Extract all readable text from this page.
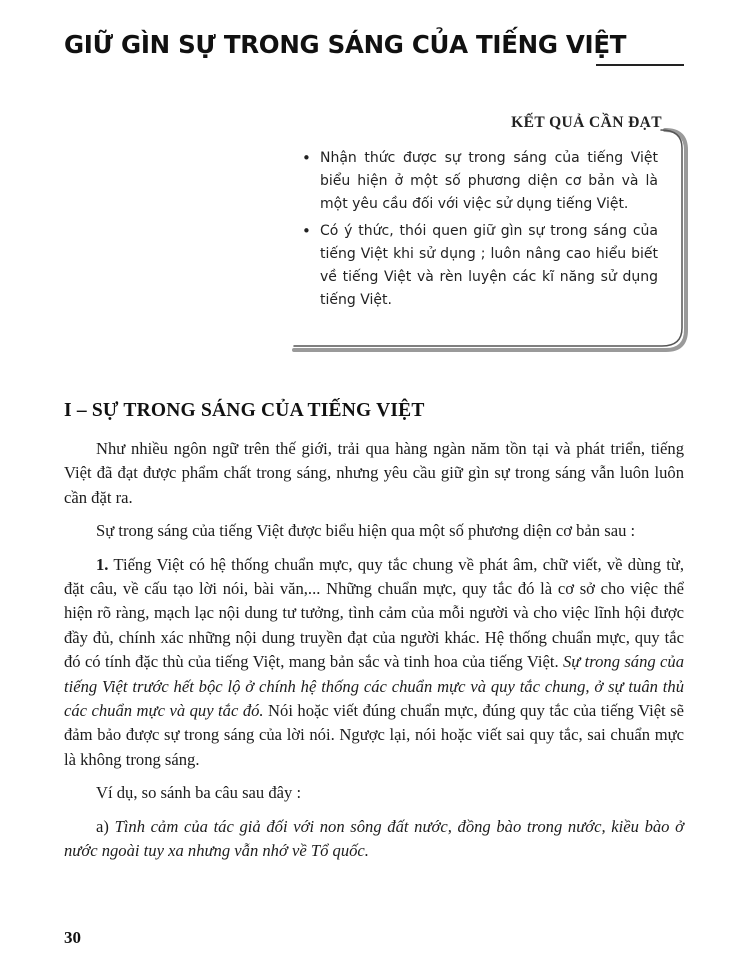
GIỮ GÌN SỰ TRONG SÁNG CỦA TIẾNG VIỆT
KẾT QUẢ CẦN ĐẠT
• Nhận thức được sự trong sáng của tiếng Việt biểu hiện ở một số phương diện cơ bản và là một yêu cầu đối với việc sử dụng tiếng Việt.
• Có ý thức, thói quen giữ gìn sự trong sáng của tiếng Việt khi sử dụng ; luôn nâng cao hiểu biết về tiếng Việt và rèn luyện các kĩ năng sử dụng tiếng Việt.
I – SỰ TRONG SÁNG CỦA TIẾNG VIỆT

Như nhiều ngôn ngữ trên thế giới, trải qua hàng ngàn năm tồn tại và phát triển, tiếng Việt đã đạt được phẩm chất trong sáng, nhưng yêu cầu giữ gìn sự trong sáng vẫn luôn luôn cần đặt ra.

Sự trong sáng của tiếng Việt được biểu hiện qua một số phương diện cơ bản sau :

1. Tiếng Việt có hệ thống chuẩn mực, quy tắc chung về phát âm, chữ viết, về dùng từ, đặt câu, về cấu tạo lời nói, bài văn,... Những chuẩn mực, quy tắc đó là cơ sở cho việc thể hiện rõ ràng, mạch lạc nội dung tư tưởng, tình cảm của mỗi người và cho việc lĩnh hội được đầy đủ, chính xác những nội dung truyền đạt của người khác. Hệ thống chuẩn mực, quy tắc đó có tính đặc thù của tiếng Việt, mang bản sắc và tinh hoa của tiếng Việt. Sự trong sáng của tiếng Việt trước hết bộc lộ ở chính hệ thống các chuẩn mực và quy tắc chung, ở sự tuân thủ các chuẩn mực và quy tắc đó. Nói hoặc viết đúng chuẩn mực, đúng quy tắc của tiếng Việt sẽ đảm bảo được sự trong sáng của lời nói. Ngược lại, nói hoặc viết sai quy tắc, sai chuẩn mực là không trong sáng.

Ví dụ, so sánh ba câu sau đây :

a) Tình cảm của tác giả đối với non sông đất nước, đồng bào trong nước, kiều bào ở nước ngoài tuy xa nhưng vẫn nhớ về Tổ quốc.

30
